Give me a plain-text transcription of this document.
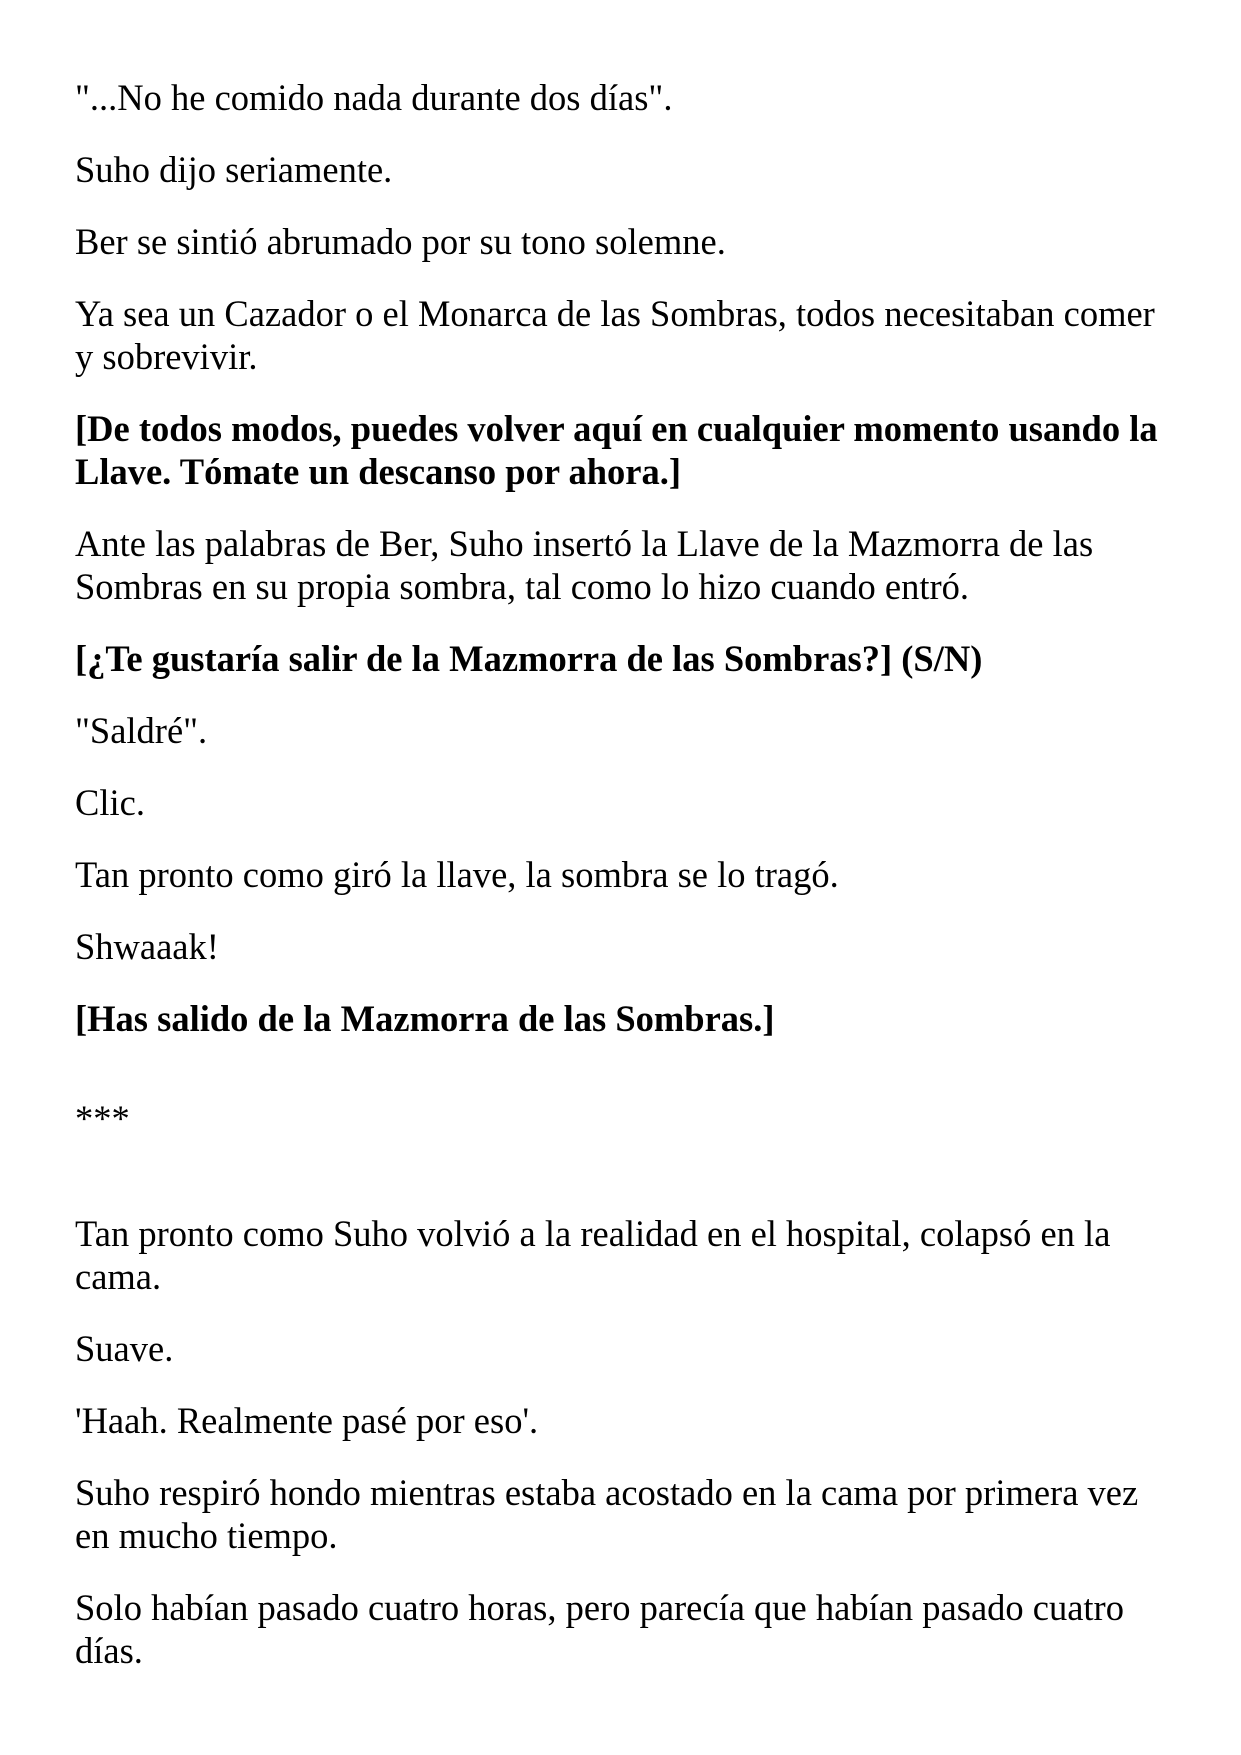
"...No he comido nada durante dos días".

Suho dijo seriamente.

Ber se sintió abrumado por su tono solemne.

Ya sea un Cazador o el Monarca de las Sombras, todos necesitaban comer y sobrevivir.

[De todos modos, puedes volver aquí en cualquier momento usando la Llave. Tómate un descanso por ahora.]

Ante las palabras de Ber, Suho insertó la Llave de la Mazmorra de las Sombras en su propia sombra, tal como lo hizo cuando entró.

[¿Te gustaría salir de la Mazmorra de las Sombras?] (S/N)

"Saldré".

Clic.

Tan pronto como giró la llave, la sombra se lo tragó.

Shwaaak!

[Has salido de la Mazmorra de las Sombras.]

***

Tan pronto como Suho volvió a la realidad en el hospital, colapsó en la cama.

Suave.

'Haah. Realmente pasé por eso'.

Suho respiró hondo mientras estaba acostado en la cama por primera vez en mucho tiempo.

Solo habían pasado cuatro horas, pero parecía que habían pasado cuatro días.
